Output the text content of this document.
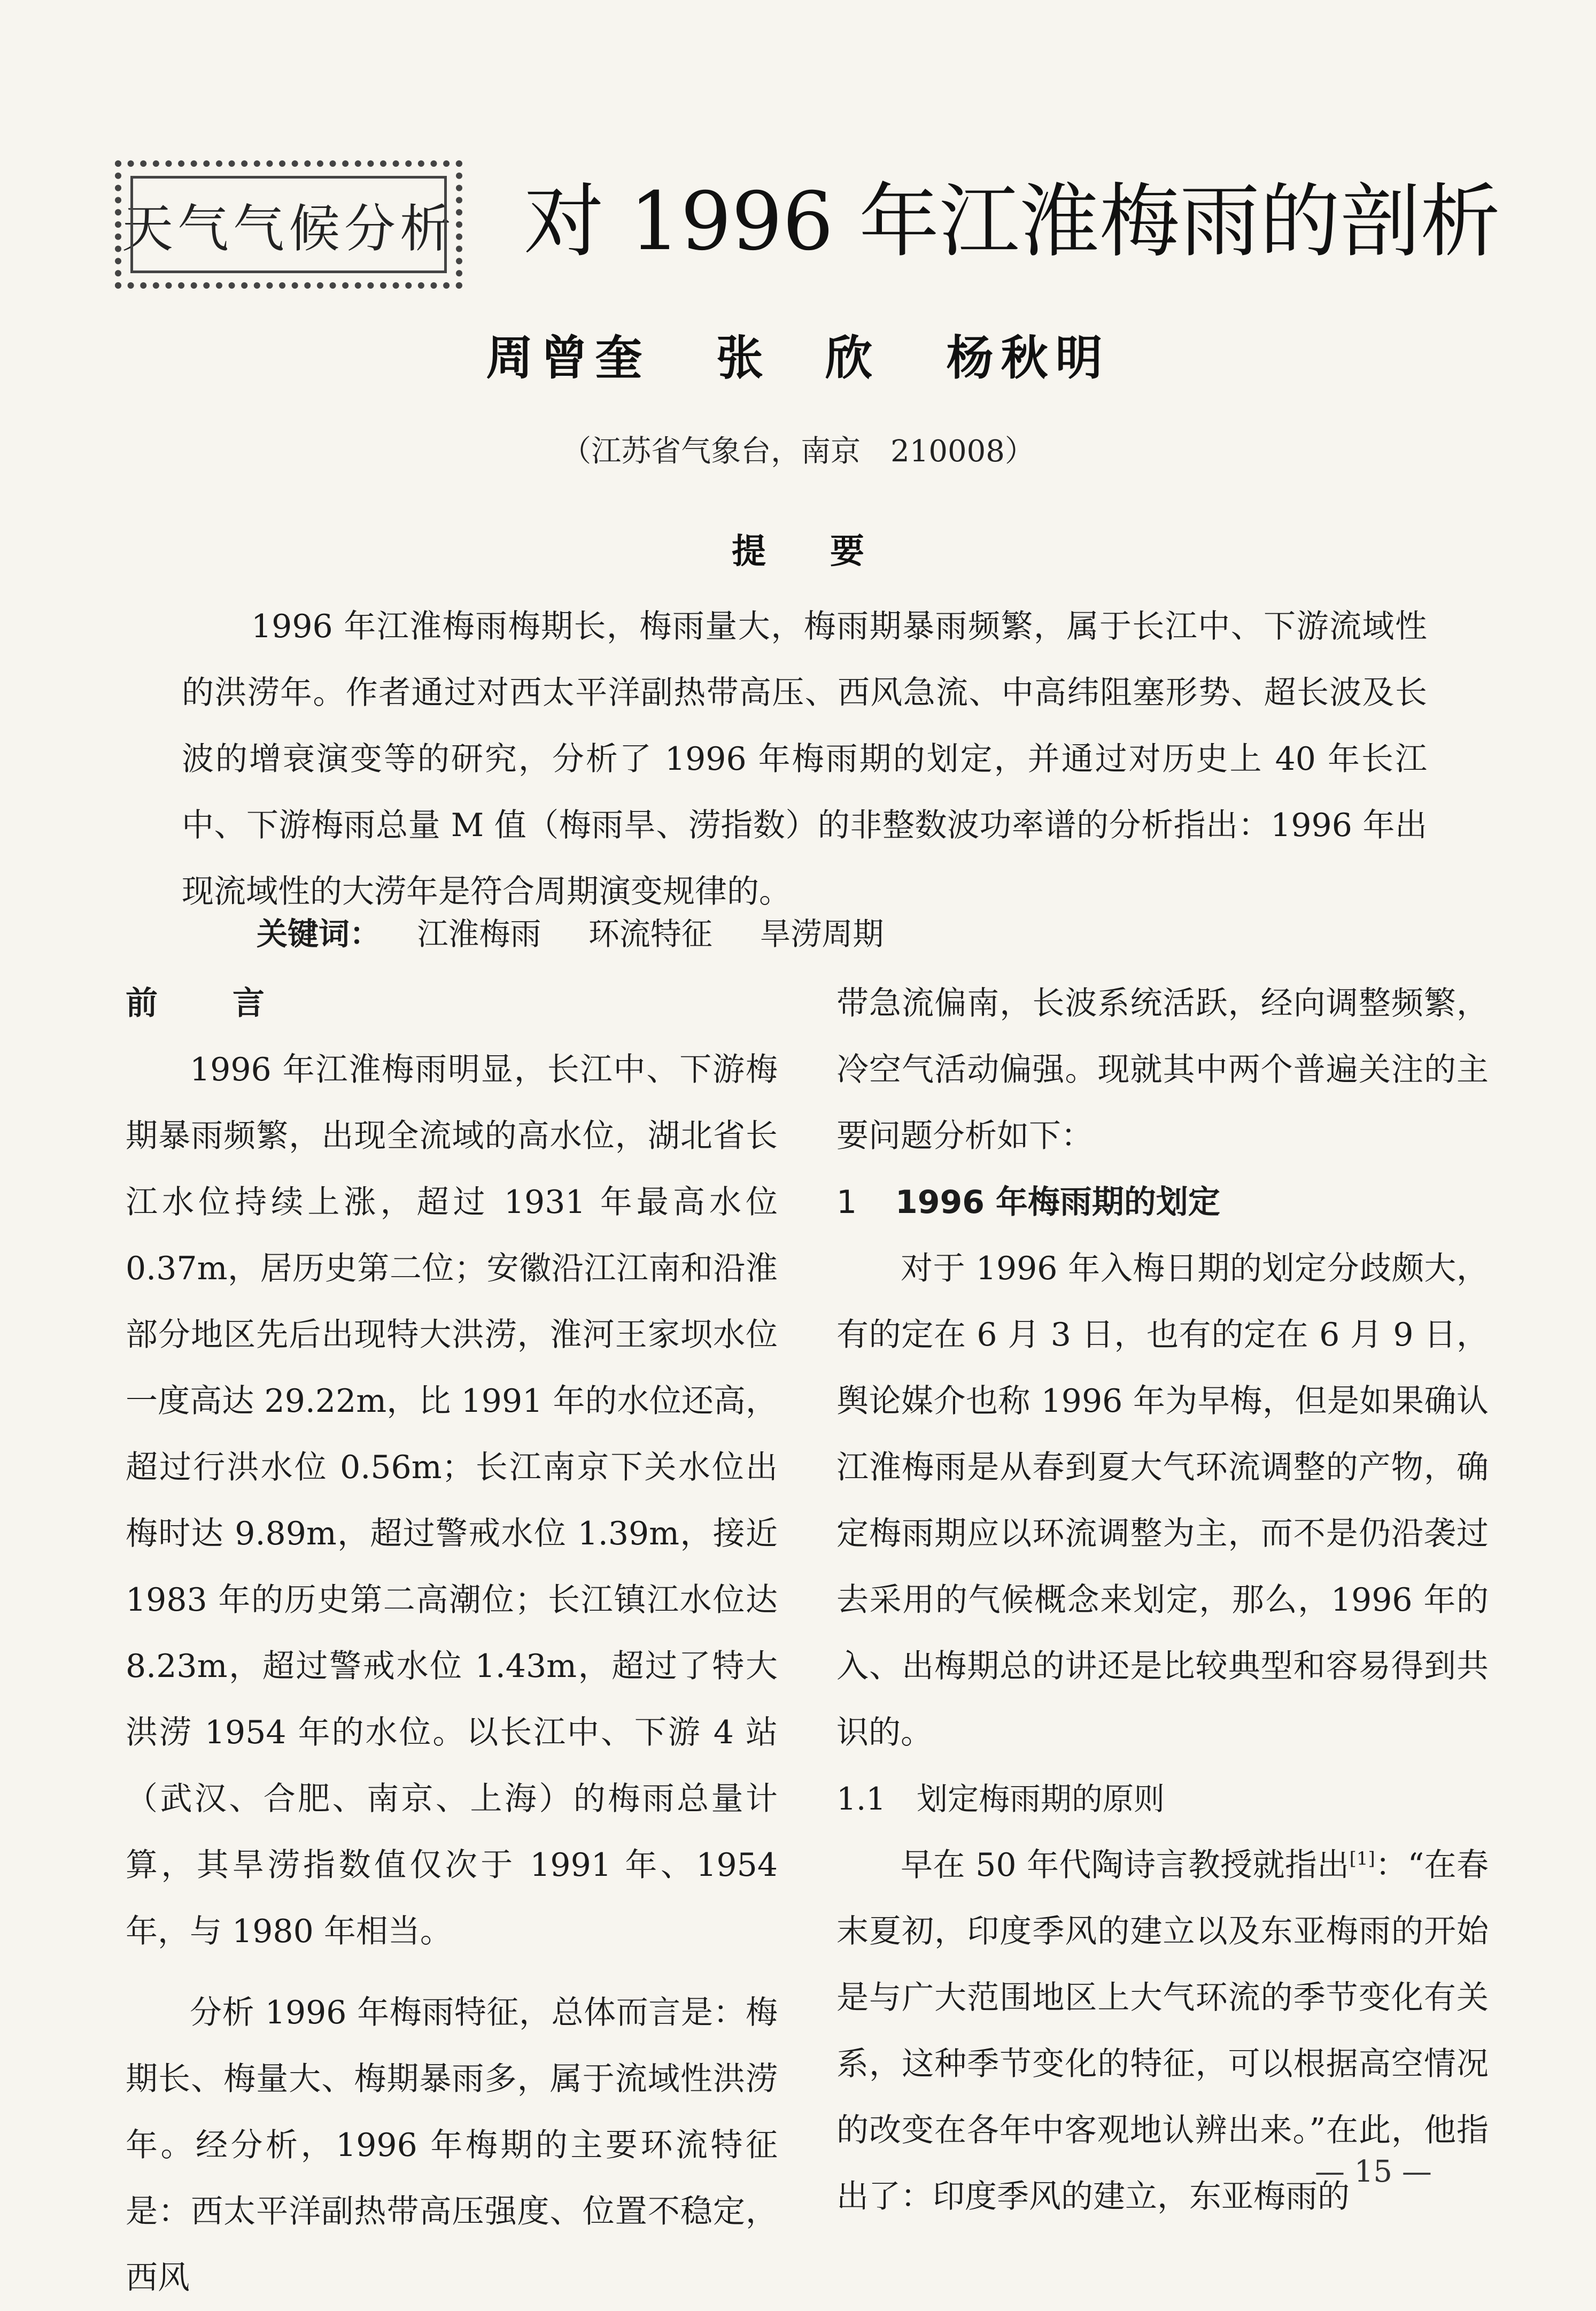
天气气候分析 对 1996 年江淮梅雨的剖析
周曾奎 张　欣 杨秋明
（江苏省气象台，南京　210008）
提要

1996 年江淮梅雨梅期长，梅雨量大，梅雨期暴雨频繁，属于长江中、下游流域性的洪涝年。作者通过对西太平洋副热带高压、西风急流、中高纬阻塞形势、超长波及长波的增衰演变等的研究，分析了 1996 年梅雨期的划定，并通过对历史上 40 年长江中、下游梅雨总量 M 值（梅雨旱、涝指数）的非整数波功率谱的分析指出：1996 年出现流域性的大涝年是符合周期演变规律的。

关键词： 江淮梅雨 环流特征 旱涝周期
前　言

1996 年江淮梅雨明显，长江中、下游梅期暴雨频繁，出现全流域的高水位，湖北省长江水位持续上涨，超过 1931 年最高水位 0.37m，居历史第二位；安徽沿江江南和沿淮部分地区先后出现特大洪涝，淮河王家坝水位一度高达 29.22m，比 1991 年的水位还高，超过行洪水位 0.56m；长江南京下关水位出梅时达 9.89m，超过警戒水位 1.39m，接近 1983 年的历史第二高潮位；长江镇江水位达 8.23m，超过警戒水位 1.43m，超过了特大洪涝 1954 年的水位。以长江中、下游 4 站（武汉、合肥、南京、上海）的梅雨总量计算，其旱涝指数值仅次于 1991 年、1954 年，与 1980 年相当。

分析 1996 年梅雨特征，总体而言是：梅期长、梅量大、梅期暴雨多，属于流域性洪涝年。经分析，1996 年梅期的主要环流特征是：西太平洋副热带高压强度、位置不稳定，西风

带急流偏南，长波系统活跃，经向调整频繁，冷空气活动偏强。现就其中两个普遍关注的主要问题分析如下：

1 1996 年梅雨期的划定

对于 1996 年入梅日期的划定分歧颇大，有的定在 6 月 3 日，也有的定在 6 月 9 日，舆论媒介也称 1996 年为早梅，但是如果确认江淮梅雨是从春到夏大气环流调整的产物，确定梅雨期应以环流调整为主，而不是仍沿袭过去采用的气候概念来划定，那么，1996 年的入、出梅期总的讲还是比较典型和容易得到共识的。

1.1 划定梅雨期的原则

早在 50 年代陶诗言教授就指出[1]：“在春末夏初，印度季风的建立以及东亚梅雨的开始是与广大范围地区上大气环流的季节变化有关系，这种季节变化的特征，可以根据高空情况的改变在各年中客观地认辨出来。”在此，他指出了：印度季风的建立，东亚梅雨的

— 15 —
